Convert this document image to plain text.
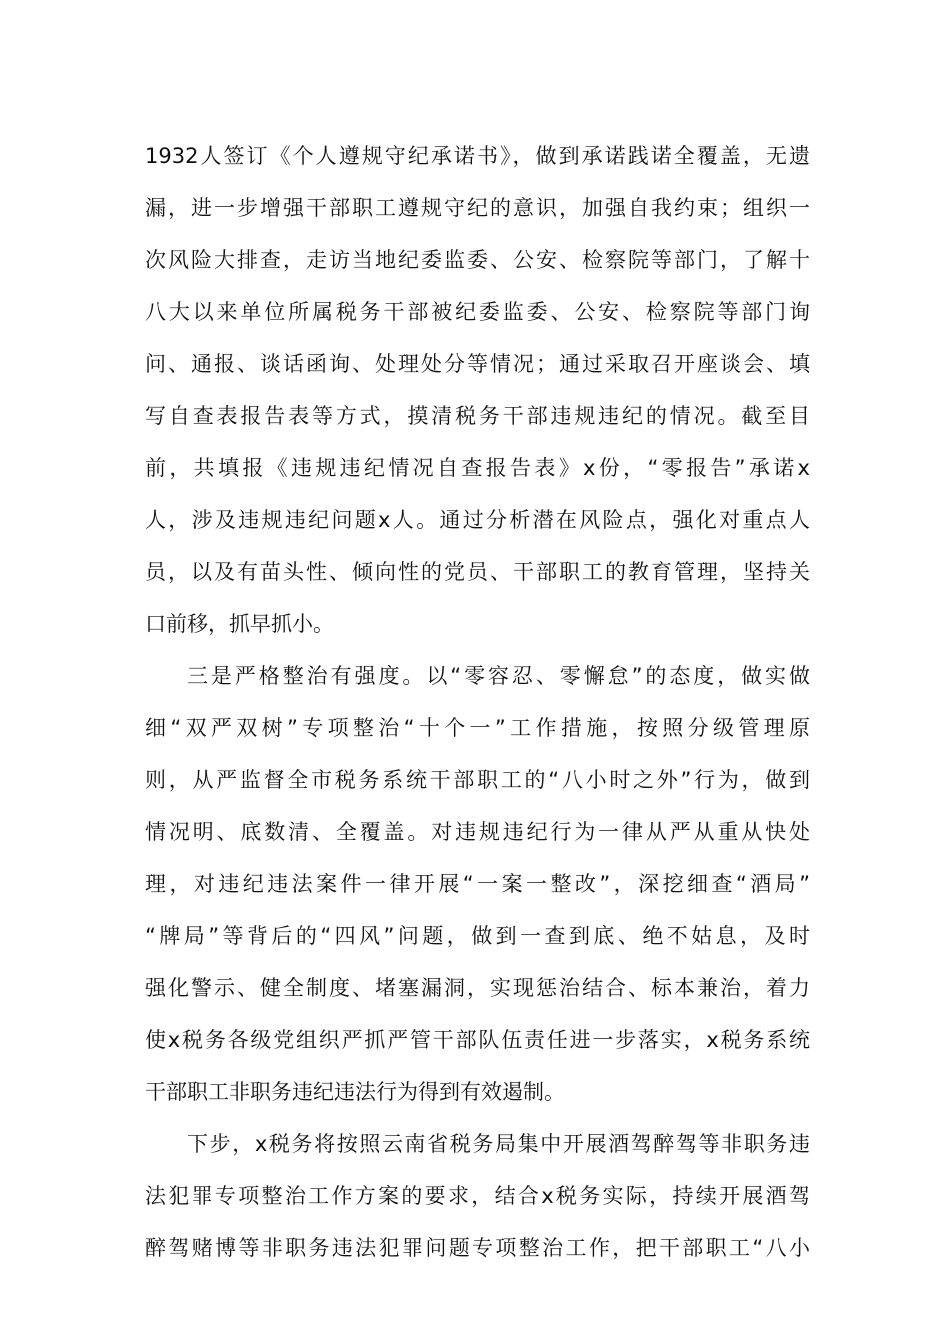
1932人签订《个人遵规守纪承诺书》，做到承诺践诺全覆盖，无遗
漏，进一步增强干部职工遵规守纪的意识，加强自我约束；组织一
次风险大排查，走访当地纪委监委、公安、检察院等部门，了解十
八大以来单位所属税务干部被纪委监委、公安、检察院等部门询
问、通报、谈话函询、处理处分等情况；通过采取召开座谈会、填
写自查表报告表等方式，摸清税务干部违规违纪的情况。截至目
前，共填报《违规违纪情况自查报告表》x份，“零报告”承诺x
人，涉及违规违纪问题x人。通过分析潜在风险点，强化对重点人
员，以及有苗头性、倾向性的党员、干部职工的教育管理，坚持关
口前移，抓早抓小。
三是严格整治有强度。以“零容忍、零懈怠”的态度，做实做
细“双严双树”专项整治“十个一”工作措施，按照分级管理原
则，从严监督全市税务系统干部职工的“八小时之外”行为，做到
情况明、底数清、全覆盖。对违规违纪行为一律从严从重从快处
理，对违纪违法案件一律开展“一案一整改”，深挖细查“酒局”
“牌局”等背后的“四风”问题，做到一查到底、绝不姑息，及时
强化警示、健全制度、堵塞漏洞，实现惩治结合、标本兼治，着力
使x税务各级党组织严抓严管干部队伍责任进一步落实，x税务系统
干部职工非职务违纪违法行为得到有效遏制。
下步，x税务将按照云南省税务局集中开展酒驾醉驾等非职务违
法犯罪专项整治工作方案的要求，结合x税务实际，持续开展酒驾
醉驾赌博等非职务违法犯罪问题专项整治工作，把干部职工“八小
